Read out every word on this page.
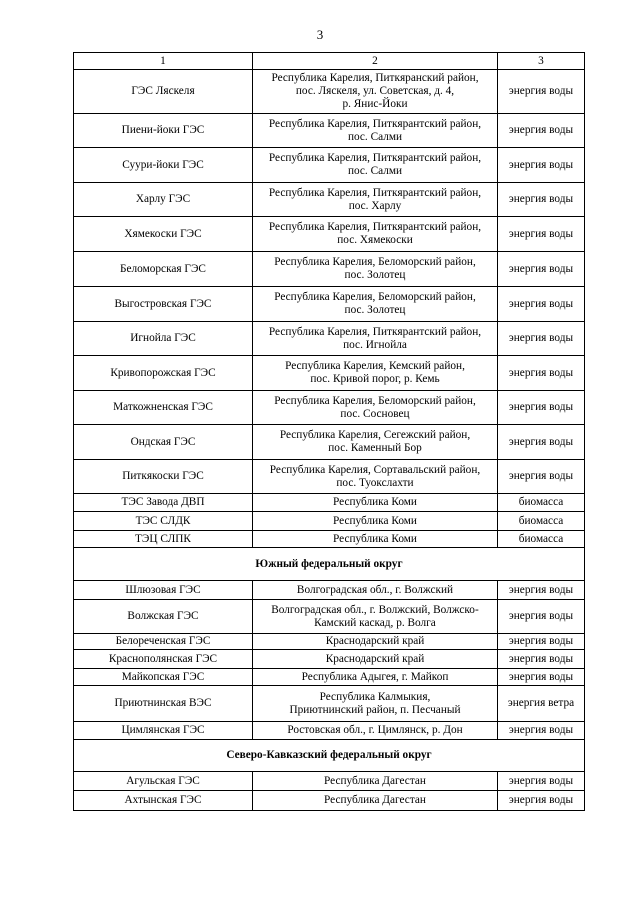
3
1	2	3
ГЭС Ляскеля	Республика Карелия, Питкяранский район,
пос. Ляскеля, ул. Советская, д. 4,
р. Янис-Йоки	энергия воды
Пиени-йоки ГЭС	Республика Карелия, Питкярантский район,
пос. Салми	энергия воды
Суури-йоки ГЭС	Республика Карелия, Питкярантский район,
пос. Салми	энергия воды
Харлу ГЭС	Республика Карелия, Питкярантский район,
пос. Харлу	энергия воды
Хямекоски ГЭС	Республика Карелия, Питкярантский район,
пос. Хямекоски	энергия воды
Беломорская ГЭС	Республика Карелия, Беломорский район,
пос. Золотец	энергия воды
Выгостровская ГЭС	Республика Карелия, Беломорский район,
пос. Золотец	энергия воды
Игнойла ГЭС	Республика Карелия, Питкярантский район,
пос. Игнойла	энергия воды
Кривопорожская ГЭС	Республика Карелия, Кемский район,
пос. Кривой порог, р. Кемь	энергия воды
Маткожненская ГЭС	Республика Карелия, Беломорский район,
пос. Сосновец	энергия воды
Ондская ГЭС	Республика Карелия, Сегежский район,
пос. Каменный Бор	энергия воды
Питкякоски ГЭС	Республика Карелия, Сортавальский район,
пос. Туокслахти	энергия воды
ТЭС Завода ДВП	Республика Коми	биомасса
ТЭС СЛДК	Республика Коми	биомасса
ТЭЦ СЛПК	Республика Коми	биомасса
Южный федеральный округ		
Шлюзовая ГЭС	Волгоградская обл., г. Волжский	энергия воды
Волжская ГЭС	Волгоградская обл., г. Волжский, Волжско-
Камский каскад, р. Волга	энергия воды
Белореченская ГЭС	Краснодарский край	энергия воды
Краснополянская ГЭС	Краснодарский край	энергия воды
Майкопская ГЭС	Республика Адыгея, г. Майкоп	энергия воды
Приютнинская ВЭС	Республика Калмыкия,
Приютнинский район, п. Песчаный	энергия ветра
Цимлянская ГЭС	Ростовская обл., г. Цимлянск, р. Дон	энергия воды
Северо-Кавказский федеральный округ		
Агульская ГЭС	Республика Дагестан	энергия воды
Ахтынская ГЭС	Республика Дагестан	энергия воды
